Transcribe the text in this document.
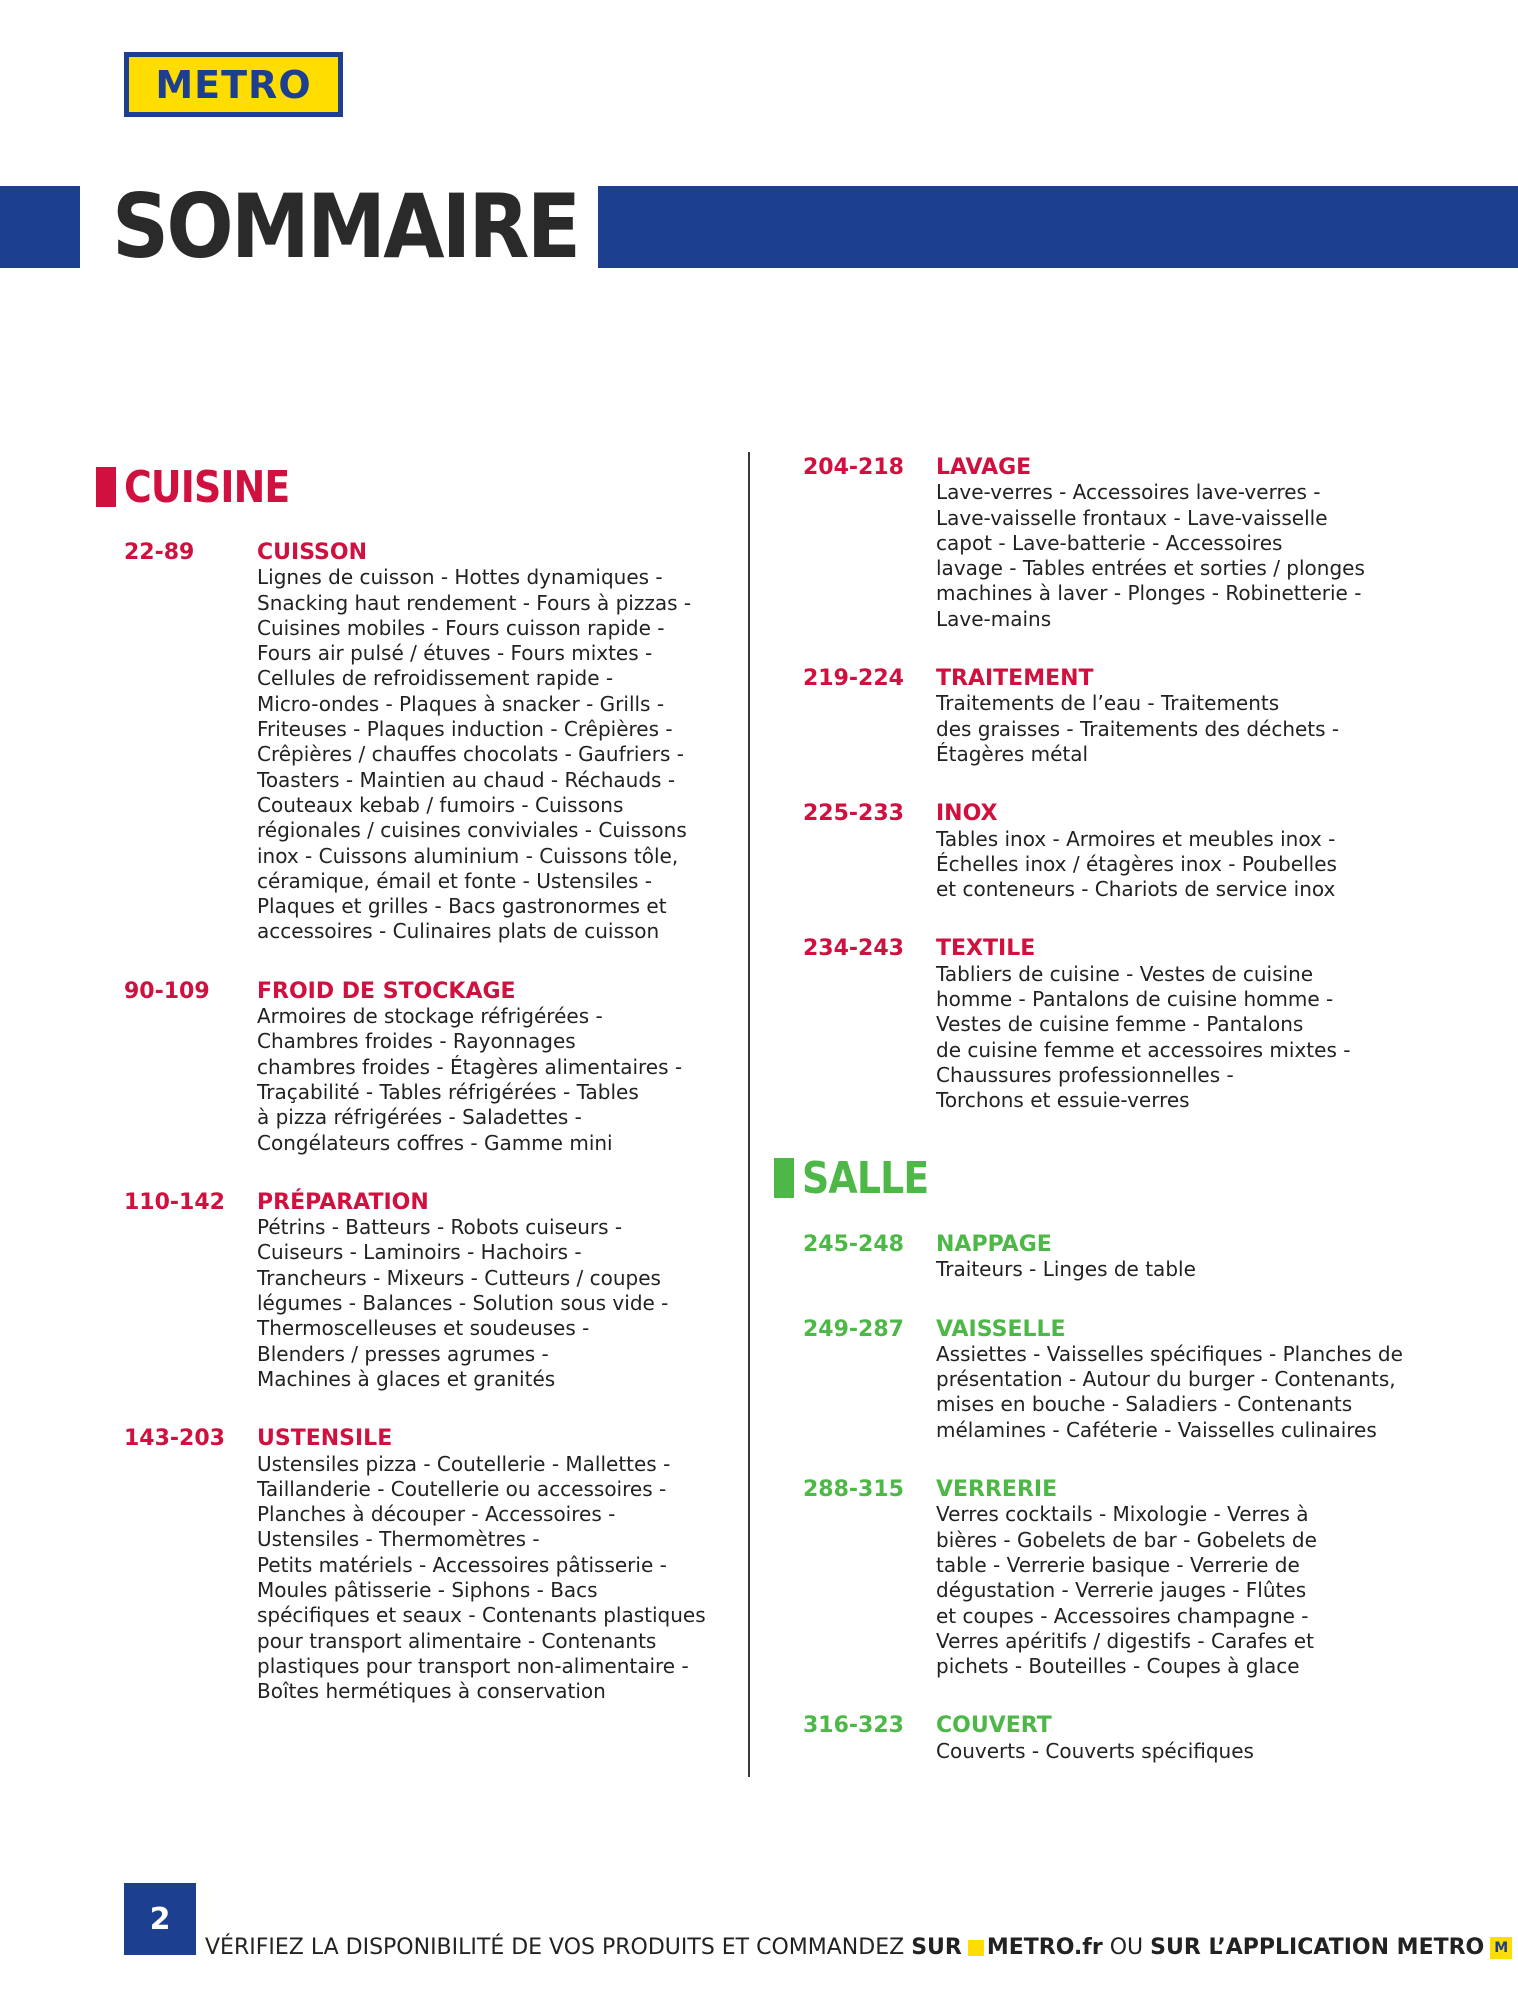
METRO
SOMMAIRE
CUISINE
22-89	CUISSON
Lignes de cuisson - Hottes dynamiques -
Snacking haut rendement - Fours à pizzas -
Cuisines mobiles - Fours cuisson rapide -
Fours air pulsé / étuves - Fours mixtes -
Cellules de refroidissement rapide -
Micro-ondes - Plaques à snacker - Grills -
Friteuses - Plaques induction - Crêpières -
Crêpières / chauffes chocolats - Gaufriers -
Toasters - Maintien au chaud - Réchauds -
Couteaux kebab / fumoirs - Cuissons
régionales / cuisines conviviales - Cuissons
inox - Cuissons aluminium - Cuissons tôle,
céramique, émail et fonte - Ustensiles -
Plaques et grilles - Bacs gastronormes et
accessoires - Culinaires plats de cuisson
90-109	FROID DE STOCKAGE
Armoires de stockage réfrigérées -
Chambres froides - Rayonnages
chambres froides - Étagères alimentaires -
Traçabilité - Tables réfrigérées - Tables
à pizza réfrigérées - Saladettes -
Congélateurs coffres - Gamme mini
110-142	PRÉPARATION
Pétrins - Batteurs - Robots cuiseurs -
Cuiseurs - Laminoirs - Hachoirs -
Trancheurs - Mixeurs - Cutteurs / coupes
légumes - Balances - Solution sous vide -
Thermoscelleuses et soudeuses -
Blenders / presses agrumes -
Machines à glaces et granités
143-203	USTENSILE
Ustensiles pizza - Coutellerie - Mallettes -
Taillanderie - Coutellerie ou accessoires -
Planches à découper - Accessoires -
Ustensiles - Thermomètres -
Petits matériels - Accessoires pâtisserie -
Moules pâtisserie - Siphons - Bacs
spécifiques et seaux - Contenants plastiques
pour transport alimentaire - Contenants
plastiques pour transport non-alimentaire -
Boîtes hermétiques à conservation
204-218	LAVAGE
Lave-verres - Accessoires lave-verres -
Lave-vaisselle frontaux - Lave-vaisselle
capot - Lave-batterie - Accessoires
lavage - Tables entrées et sorties / plonges
machines à laver - Plonges - Robinetterie -
Lave-mains
219-224	TRAITEMENT
Traitements de l’eau - Traitements
des graisses - Traitements des déchets -
Étagères métal
225-233	INOX
Tables inox - Armoires et meubles inox -
Échelles inox / étagères inox - Poubelles
et conteneurs - Chariots de service inox
234-243	TEXTILE
Tabliers de cuisine - Vestes de cuisine
homme - Pantalons de cuisine homme -
Vestes de cuisine femme - Pantalons
de cuisine femme et accessoires mixtes -
Chaussures professionnelles -
Torchons et essuie-verres
SALLE
245-248	NAPPAGE
Traiteurs - Linges de table
249-287	VAISSELLE
Assiettes - Vaisselles spécifiques - Planches de
présentation - Autour du burger - Contenants,
mises en bouche - Saladiers - Contenants
mélamines - Caféterie - Vaisselles culinaires
288-315	VERRERIE
Verres cocktails - Mixologie - Verres à
bières - Gobelets de bar - Gobelets de
table - Verrerie basique - Verrerie de
dégustation - Verrerie jauges - Flûtes
et coupes - Accessoires champagne -
Verres apéritifs / digestifs - Carafes et
pichets - Bouteilles - Coupes à glace
316-323	COUVERT
Couverts - Couverts spécifiques
2
VÉRIFIEZ LA DISPONIBILITÉ DE VOS PRODUITS ET COMMANDEZ
SUR METRO.fr
OU
SUR L’APPLICATION METRO M
